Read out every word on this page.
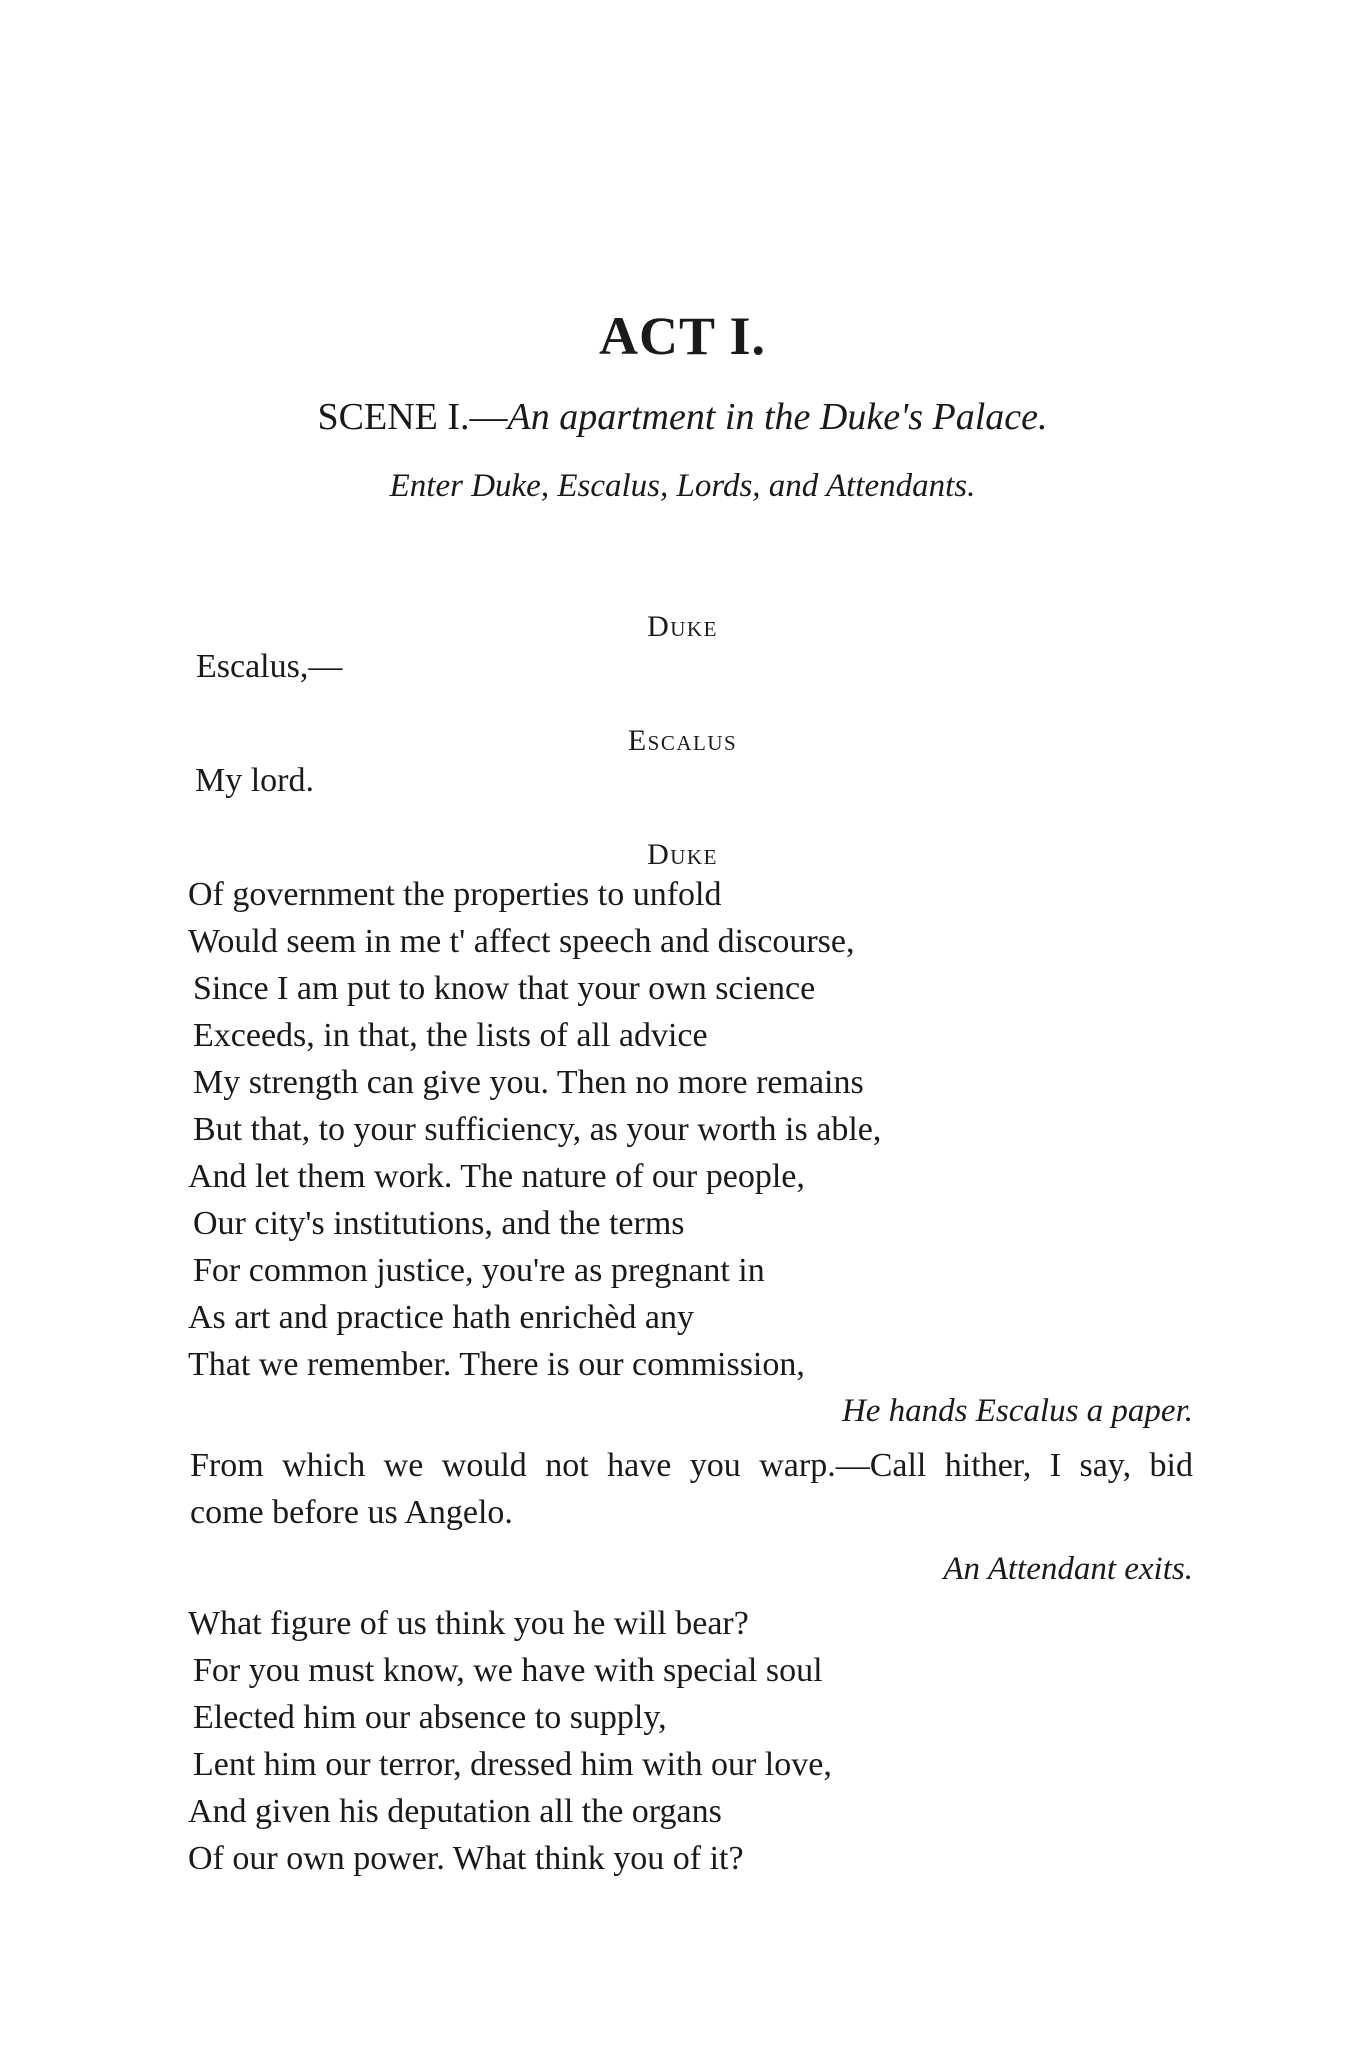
ACT I.
SCENE I.—An apartment in the Duke's Palace.
Enter Duke, Escalus, Lords, and Attendants.
Duke
Escalus,—
Escalus
My lord.
Duke
Of government the properties to unfold
Would seem in me t' affect speech and discourse,
Since I am put to know that your own science
Exceeds, in that, the lists of all advice
My strength can give you. Then no more remains
But that, to your sufficiency, as your worth is able,
And let them work. The nature of our people,
Our city's institutions, and the terms
For common justice, you're as pregnant in
As art and practice hath enrichèd any
That we remember. There is our commission,
He hands Escalus a paper.
From which we would not have you warp.—Call hither, I say, bid
come before us Angelo.
An Attendant exits.
What figure of us think you he will bear?
For you must know, we have with special soul
Elected him our absence to supply,
Lent him our terror, dressed him with our love,
And given his deputation all the organs
Of our own power. What think you of it?
